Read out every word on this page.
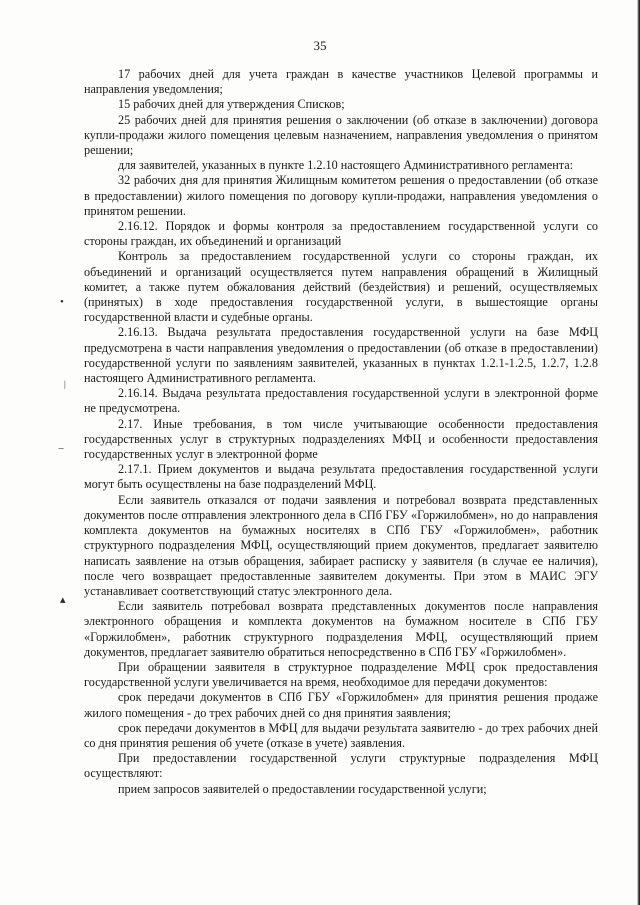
35

17 рабочих дней для учета граждан в качестве участников Целевой программы и направления уведомления;

15 рабочих дней для утверждения Списков;

25 рабочих дней для принятия решения о заключении (об отказе в заключении) договора купли-продажи жилого помещения целевым назначением, направления уведомления о принятом решении;

для заявителей, указанных в пункте 1.2.10 настоящего Административного регламента:

32 рабочих дня для принятия Жилищным комитетом решения о предоставлении (об отказе в предоставлении) жилого помещения по договору купли-продажи, направления уведомления о принятом решении.

2.16.12. Порядок и формы контроля за предоставлением государственной услуги со стороны граждан, их объединений и организаций

Контроль за предоставлением государственной услуги со стороны граждан, их объединений и организаций осуществляется путем направления обращений в Жилищный комитет, а также путем обжалования действий (бездействия) и решений, осуществляемых (принятых) в ходе предоставления государственной услуги, в вышестоящие органы государственной власти и судебные органы.

2.16.13. Выдача результата предоставления государственной услуги на базе МФЦ предусмотрена в части направления уведомления о предоставлении (об отказе в предоставлении) государственной услуги по заявлениям заявителей, указанных в пунктах 1.2.1-1.2.5, 1.2.7, 1.2.8 настоящего Административного регламента.

2.16.14. Выдача результата предоставления государственной услуги в электронной форме не предусмотрена.

2.17. Иные требования, в том числе учитывающие особенности предоставления государственных услуг в структурных подразделениях МФЦ и особенности предоставления государственных услуг в электронной форме

2.17.1. Прием документов и выдача результата предоставления государственной услуги могут быть осуществлены на базе подразделений МФЦ.

Если заявитель отказался от подачи заявления и потребовал возврата представленных документов после отправления электронного дела в СПб ГБУ «Горжилобмен», но до направления комплекта документов на бумажных носителях в СПб ГБУ «Горжилобмен», работник структурного подразделения МФЦ, осуществляющий прием документов, предлагает заявителю написать заявление на отзыв обращения, забирает расписку у заявителя (в случае ее наличия), после чего возвращает предоставленные заявителем документы. При этом в МАИС ЭГУ устанавливает соответствующий статус электронного дела.

Если заявитель потребовал возврата представленных документов после направления электронного обращения и комплекта документов на бумажном носителе в СПб ГБУ «Горжилобмен», работник структурного подразделения МФЦ, осуществляющий прием документов, предлагает заявителю обратиться непосредственно в СПб ГБУ «Горжилобмен».

При обращении заявителя в структурное подразделение МФЦ срок предоставления государственной услуги увеличивается на время, необходимое для передачи документов:

срок передачи документов в СПб ГБУ «Горжилобмен» для принятия решения продаже жилого помещения - до трех рабочих дней со дня принятия заявления;

срок передачи документов в МФЦ для выдачи результата заявителю - до трех рабочих дней со дня принятия решения об учете (отказе в учете) заявления.

При предоставлении государственной услуги структурные подразделения МФЦ осуществляют:

прием запросов заявителей о предоставлении государственной услуги;

•
|
−
▴
